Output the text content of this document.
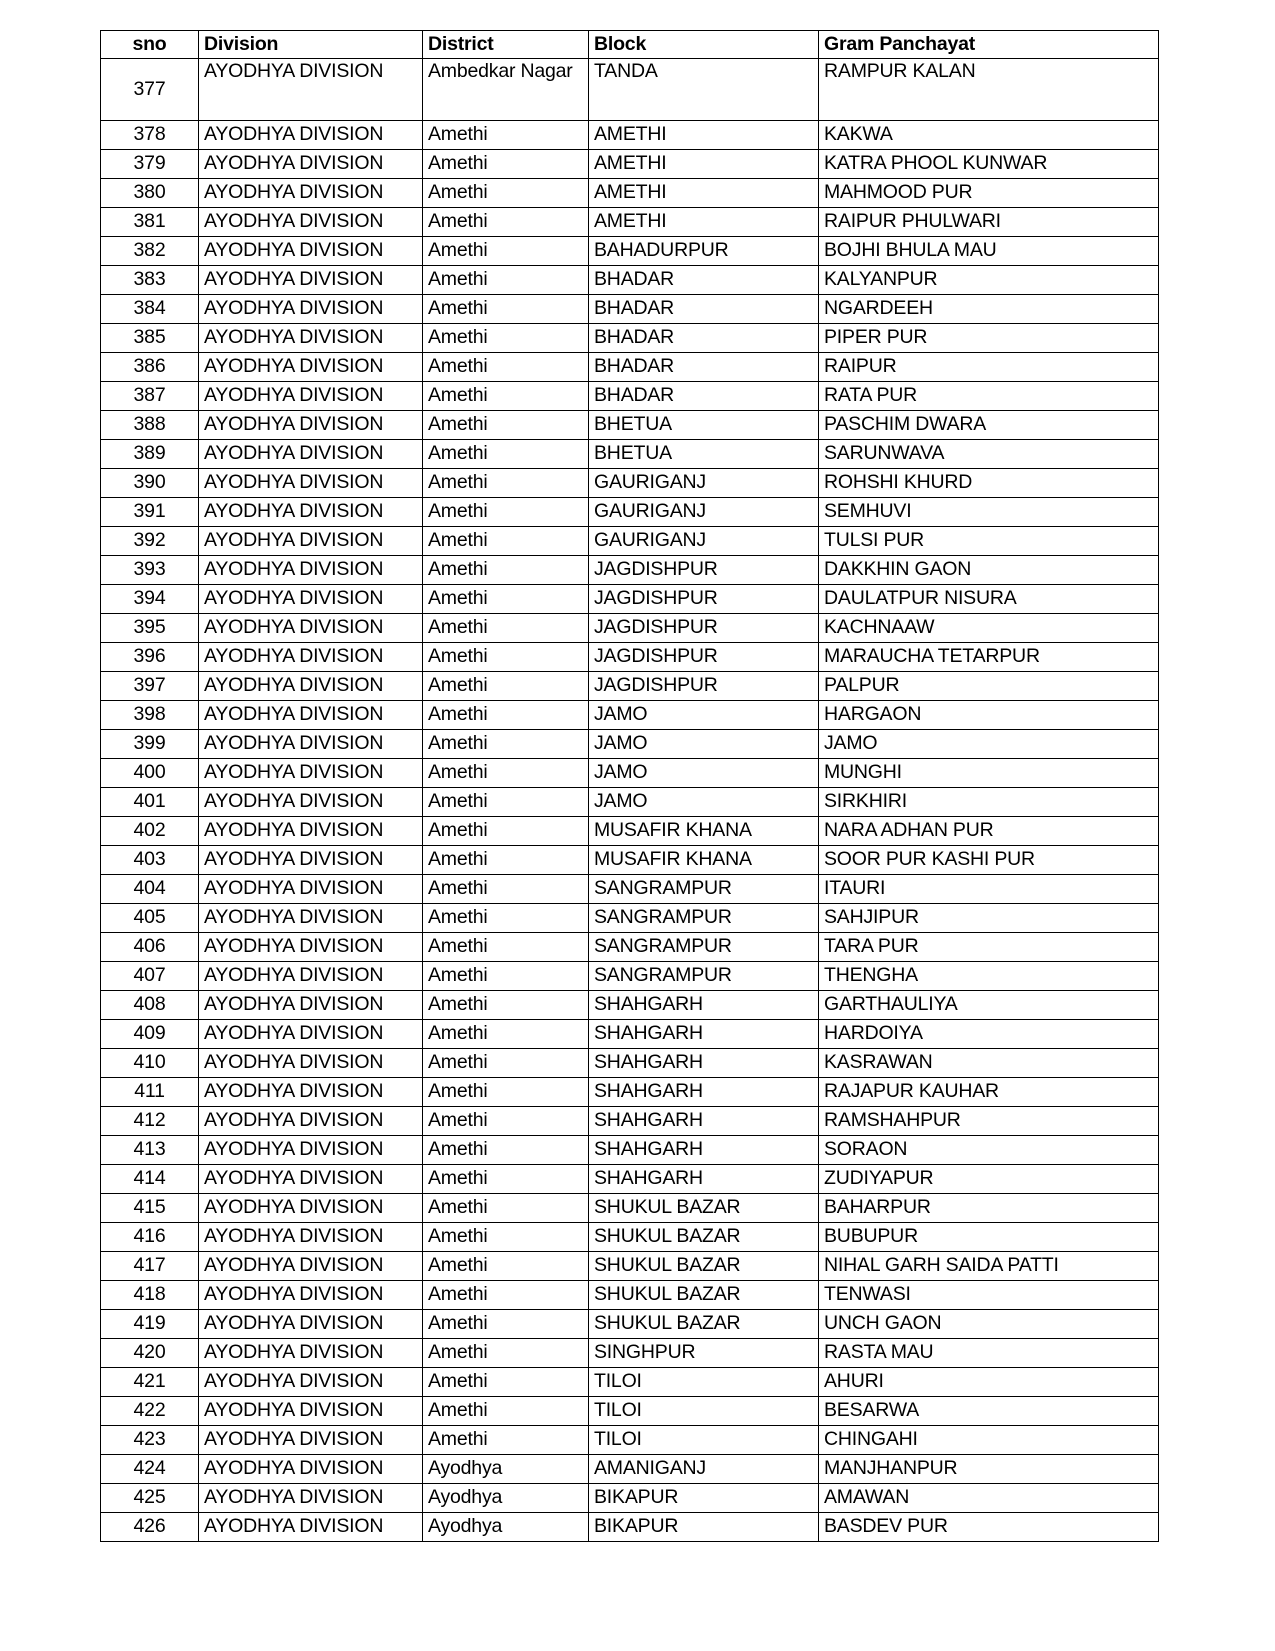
sno	Division	District	Block	Gram Panchayat
377	AYODHYA DIVISION	Ambedkar Nagar	TANDA	RAMPUR KALAN
378	AYODHYA DIVISION	Amethi	AMETHI	KAKWA
379	AYODHYA DIVISION	Amethi	AMETHI	KATRA PHOOL KUNWAR
380	AYODHYA DIVISION	Amethi	AMETHI	MAHMOOD PUR
381	AYODHYA DIVISION	Amethi	AMETHI	RAIPUR PHULWARI
382	AYODHYA DIVISION	Amethi	BAHADURPUR	BOJHI BHULA MAU
383	AYODHYA DIVISION	Amethi	BHADAR	KALYANPUR
384	AYODHYA DIVISION	Amethi	BHADAR	NGARDEEH
385	AYODHYA DIVISION	Amethi	BHADAR	PIPER PUR
386	AYODHYA DIVISION	Amethi	BHADAR	RAIPUR
387	AYODHYA DIVISION	Amethi	BHADAR	RATA PUR
388	AYODHYA DIVISION	Amethi	BHETUA	PASCHIM DWARA
389	AYODHYA DIVISION	Amethi	BHETUA	SARUNWAVA
390	AYODHYA DIVISION	Amethi	GAURIGANJ	ROHSHI KHURD
391	AYODHYA DIVISION	Amethi	GAURIGANJ	SEMHUVI
392	AYODHYA DIVISION	Amethi	GAURIGANJ	TULSI PUR
393	AYODHYA DIVISION	Amethi	JAGDISHPUR	DAKKHIN GAON
394	AYODHYA DIVISION	Amethi	JAGDISHPUR	DAULATPUR NISURA
395	AYODHYA DIVISION	Amethi	JAGDISHPUR	KACHNAAW
396	AYODHYA DIVISION	Amethi	JAGDISHPUR	MARAUCHA TETARPUR
397	AYODHYA DIVISION	Amethi	JAGDISHPUR	PALPUR
398	AYODHYA DIVISION	Amethi	JAMO	HARGAON
399	AYODHYA DIVISION	Amethi	JAMO	JAMO
400	AYODHYA DIVISION	Amethi	JAMO	MUNGHI
401	AYODHYA DIVISION	Amethi	JAMO	SIRKHIRI
402	AYODHYA DIVISION	Amethi	MUSAFIR KHANA	NARA ADHAN PUR
403	AYODHYA DIVISION	Amethi	MUSAFIR KHANA	SOOR PUR KASHI PUR
404	AYODHYA DIVISION	Amethi	SANGRAMPUR	ITAURI
405	AYODHYA DIVISION	Amethi	SANGRAMPUR	SAHJIPUR
406	AYODHYA DIVISION	Amethi	SANGRAMPUR	TARA PUR
407	AYODHYA DIVISION	Amethi	SANGRAMPUR	THENGHA
408	AYODHYA DIVISION	Amethi	SHAHGARH	GARTHAULIYA
409	AYODHYA DIVISION	Amethi	SHAHGARH	HARDOIYA
410	AYODHYA DIVISION	Amethi	SHAHGARH	KASRAWAN
411	AYODHYA DIVISION	Amethi	SHAHGARH	RAJAPUR KAUHAR
412	AYODHYA DIVISION	Amethi	SHAHGARH	RAMSHAHPUR
413	AYODHYA DIVISION	Amethi	SHAHGARH	SORAON
414	AYODHYA DIVISION	Amethi	SHAHGARH	ZUDIYAPUR
415	AYODHYA DIVISION	Amethi	SHUKUL BAZAR	BAHARPUR
416	AYODHYA DIVISION	Amethi	SHUKUL BAZAR	BUBUPUR
417	AYODHYA DIVISION	Amethi	SHUKUL BAZAR	NIHAL GARH SAIDA PATTI
418	AYODHYA DIVISION	Amethi	SHUKUL BAZAR	TENWASI
419	AYODHYA DIVISION	Amethi	SHUKUL BAZAR	UNCH GAON
420	AYODHYA DIVISION	Amethi	SINGHPUR	RASTA MAU
421	AYODHYA DIVISION	Amethi	TILOI	AHURI
422	AYODHYA DIVISION	Amethi	TILOI	BESARWA
423	AYODHYA DIVISION	Amethi	TILOI	CHINGAHI
424	AYODHYA DIVISION	Ayodhya	AMANIGANJ	MANJHANPUR
425	AYODHYA DIVISION	Ayodhya	BIKAPUR	AMAWAN
426	AYODHYA DIVISION	Ayodhya	BIKAPUR	BASDEV PUR
